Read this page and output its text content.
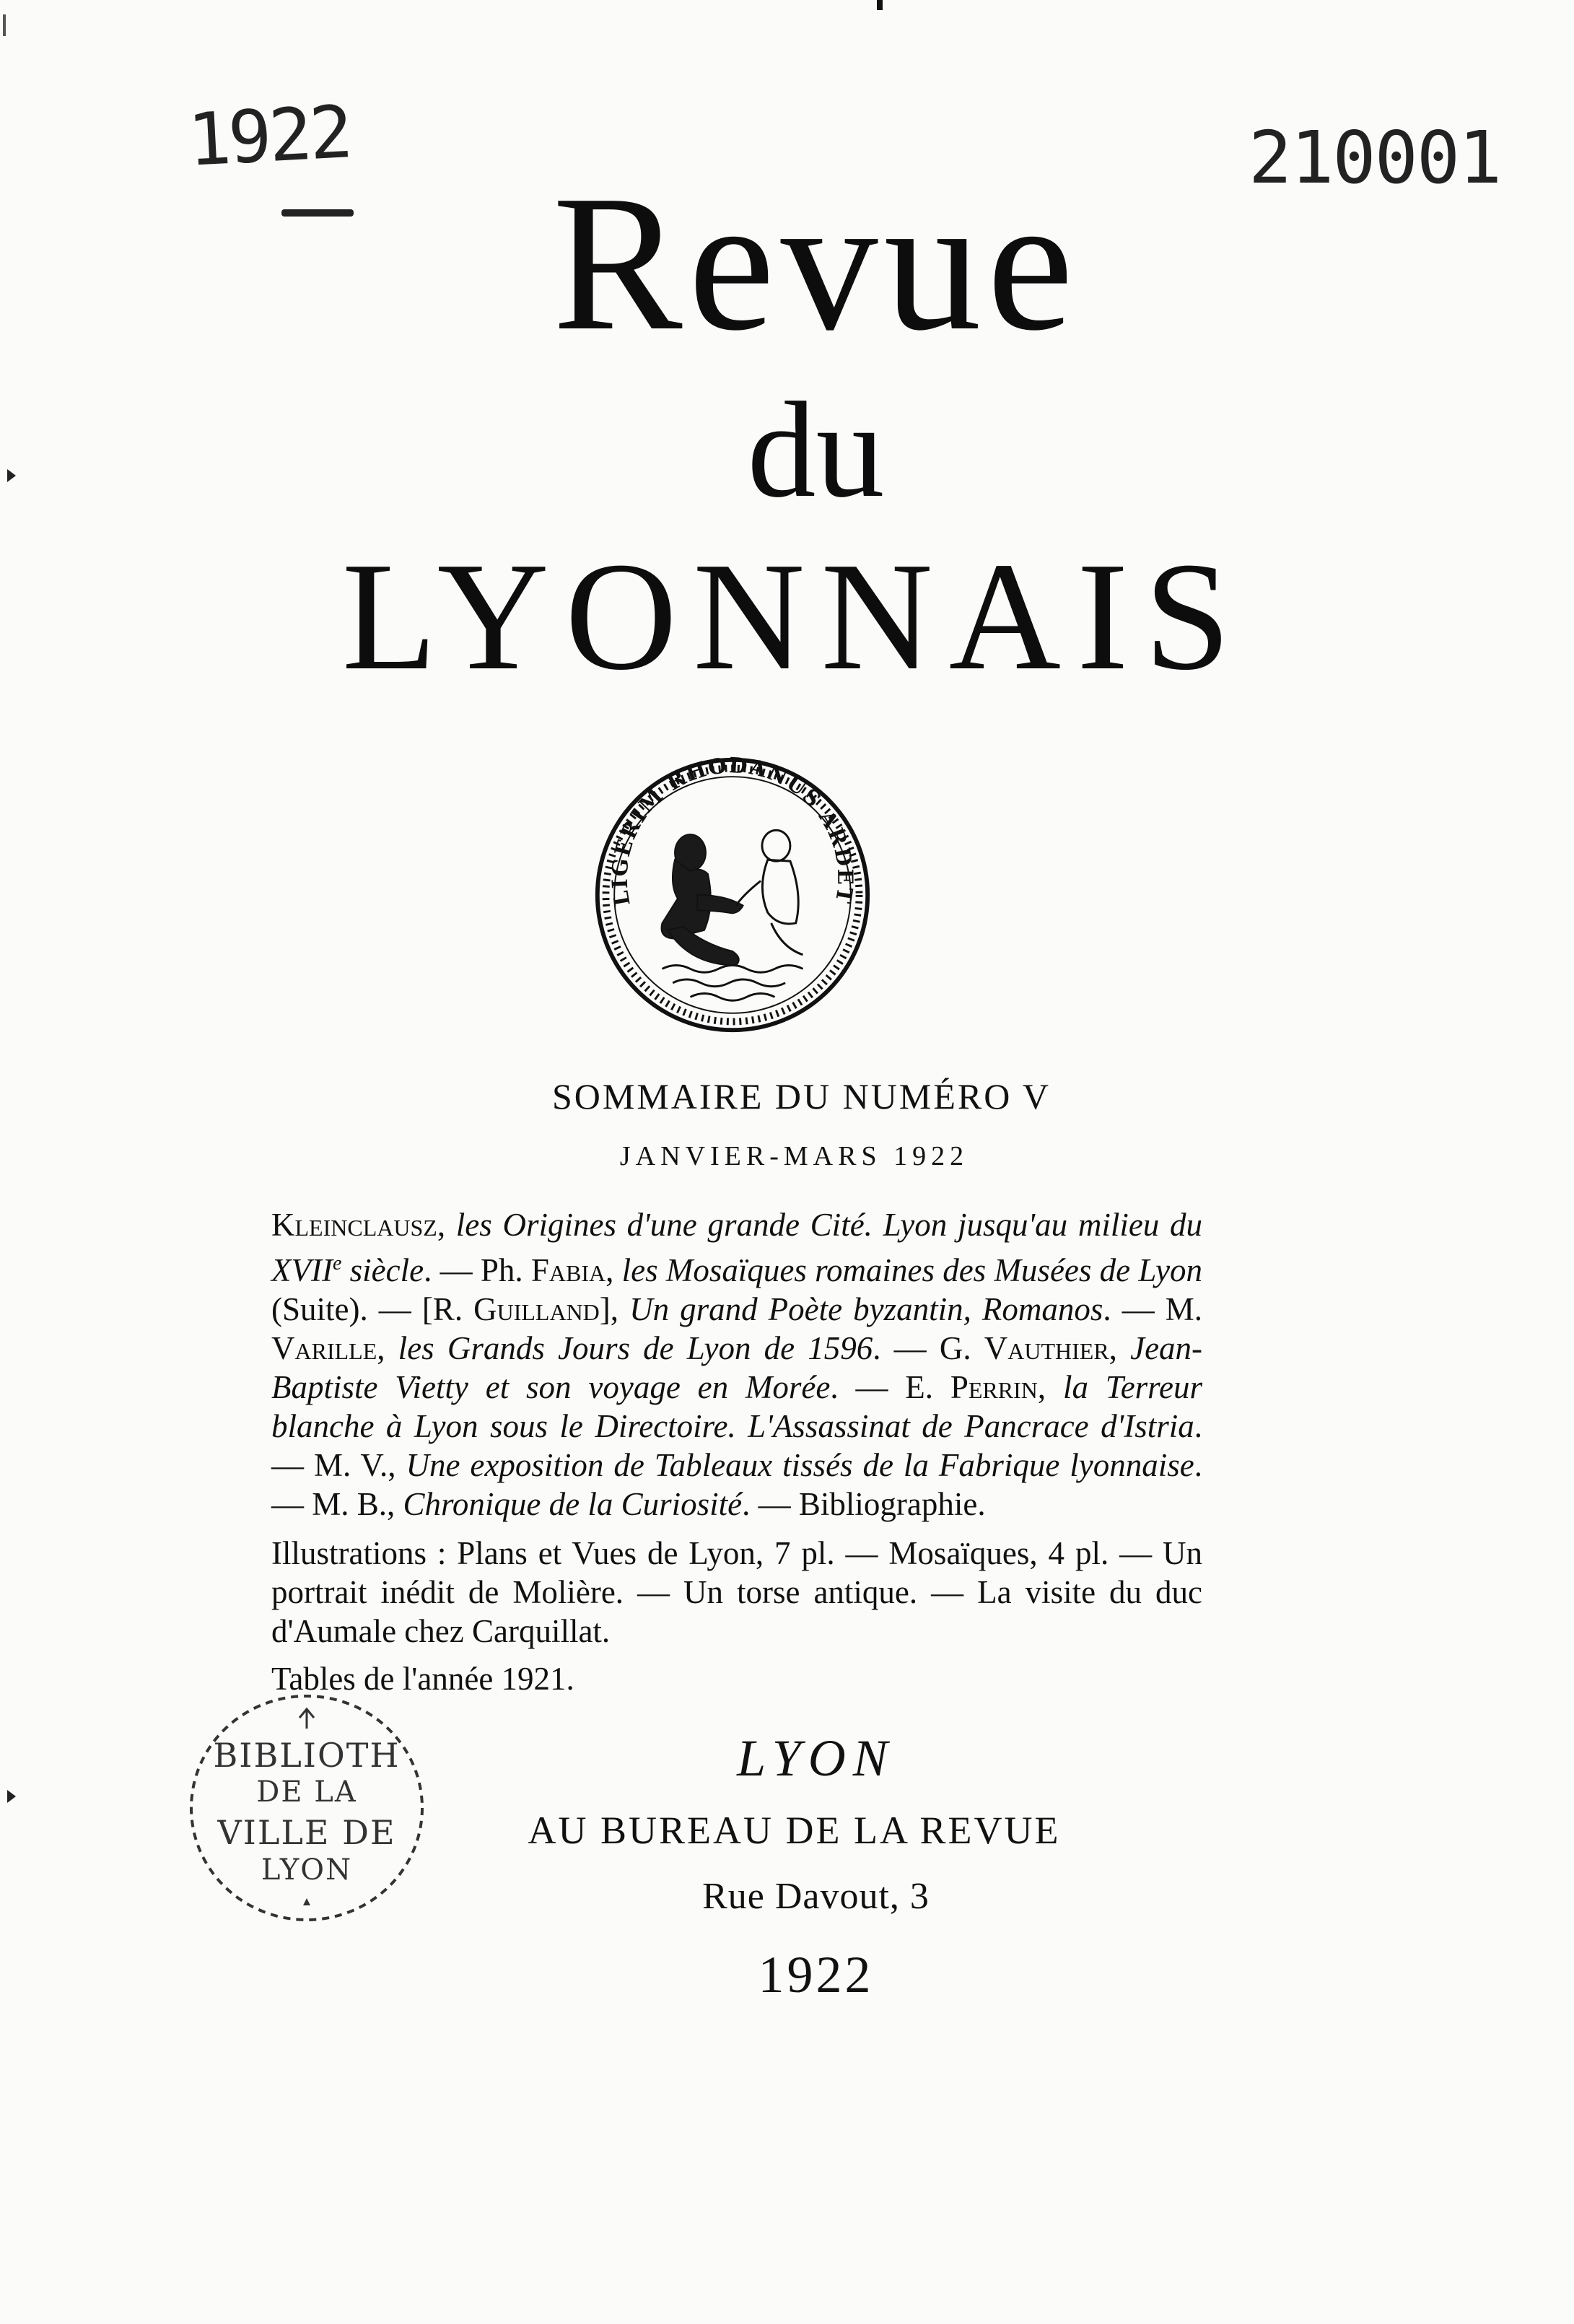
1922	210001
Revue
du
LYONNAIS
LIGERIM RHODANUS ARDET
SOMMAIRE DU NUMÉRO V
JANVIER-MARS 1922

Kleinclausz, les Origines d'une grande Cité. Lyon jusqu'au milieu du XVIIe siècle. — Ph. Fabia, les Mosaïques romaines des Musées de Lyon (Suite). — [R. Guilland], Un grand Poète byzantin, Romanos. — M. Varille, les Grands Jours de Lyon de 1596. — G. Vauthier, Jean-Baptiste Vietty et son voyage en Morée. — E. Perrin, la Terreur blanche à Lyon sous le Directoire. L'Assassinat de Pancrace d'Istria. — M. V., Une exposition de Tableaux tissés de la Fabrique lyonnaise. — M. B., Chronique de la Curiosité. — Bibliographie.

Illustrations : Plans et Vues de Lyon, 7 pl. — Mosaïques, 4 pl. — Un portrait inédit de Molière. — Un torse antique. — La visite du duc d'Aumale chez Carquillat.

Tables de l'année 1921.

BIBLIOTH
DE LA
VILLE DE
LYON
LYON
AU BUREAU DE LA REVUE
Rue Davout, 3
1922
